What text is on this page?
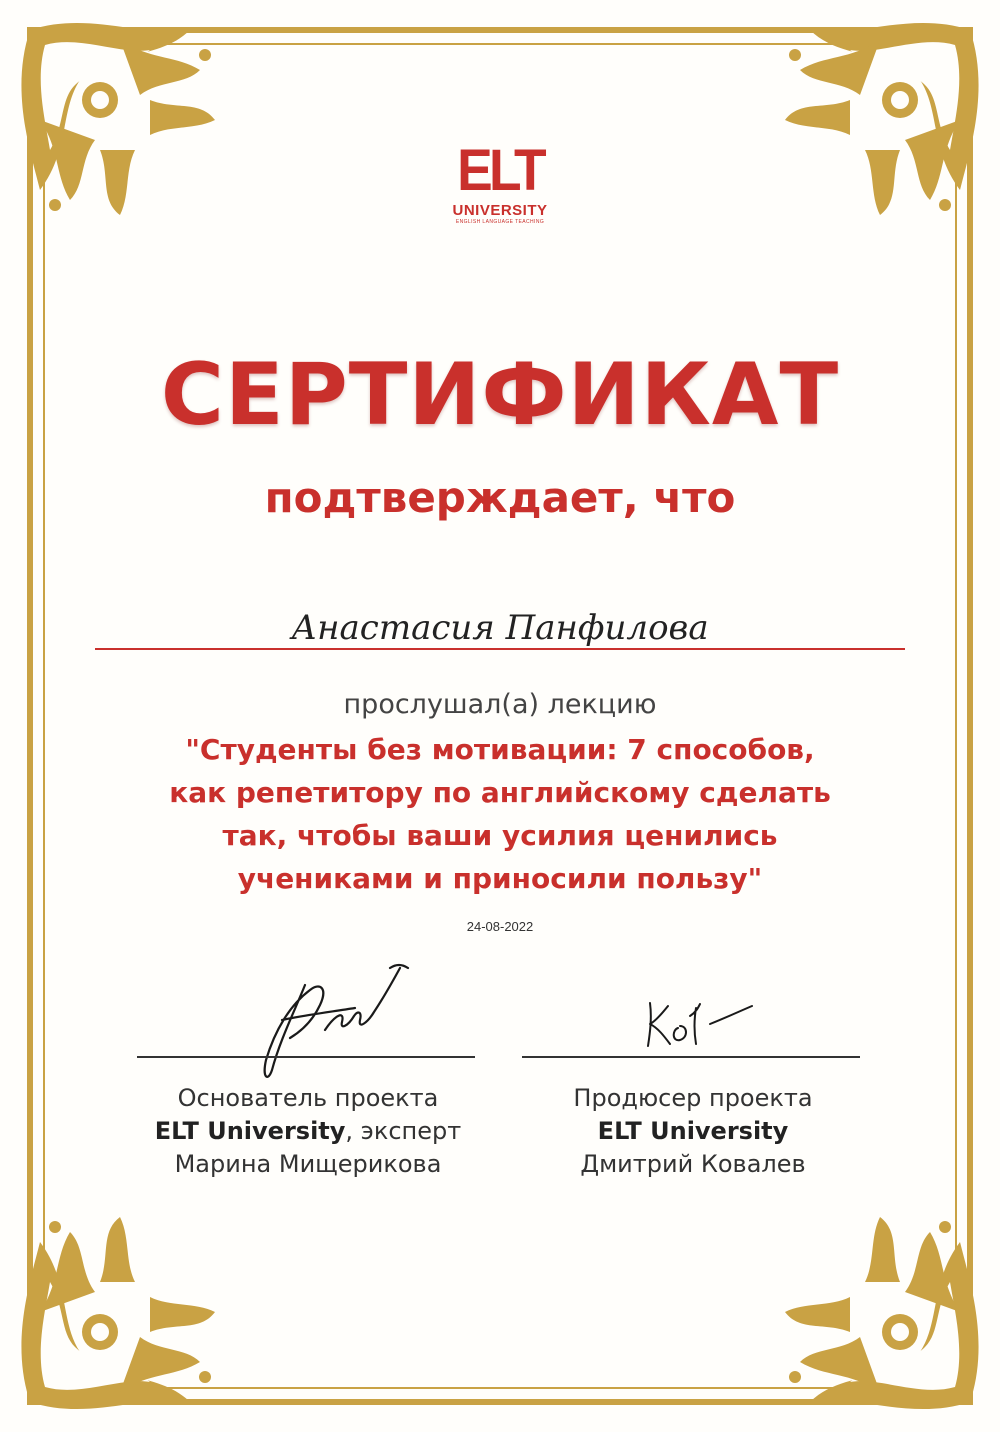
ELT
UNIVERSITY
ENGLISH LANGUAGE TEACHING
СЕРТИФИКАТ
подтверждает, что
Анастасия Панфилова
прослушал(а) лекцию
"Студенты без мотивации: 7 способов,
как репетитору по английскому сделать
так, чтобы ваши усилия ценились
учениками и приносили пользу"
24-08-2022
Основатель проекта
ELT University, эксперт
Марина Мищерикова
Продюсер проекта
ELT University
Дмитрий Ковалев
